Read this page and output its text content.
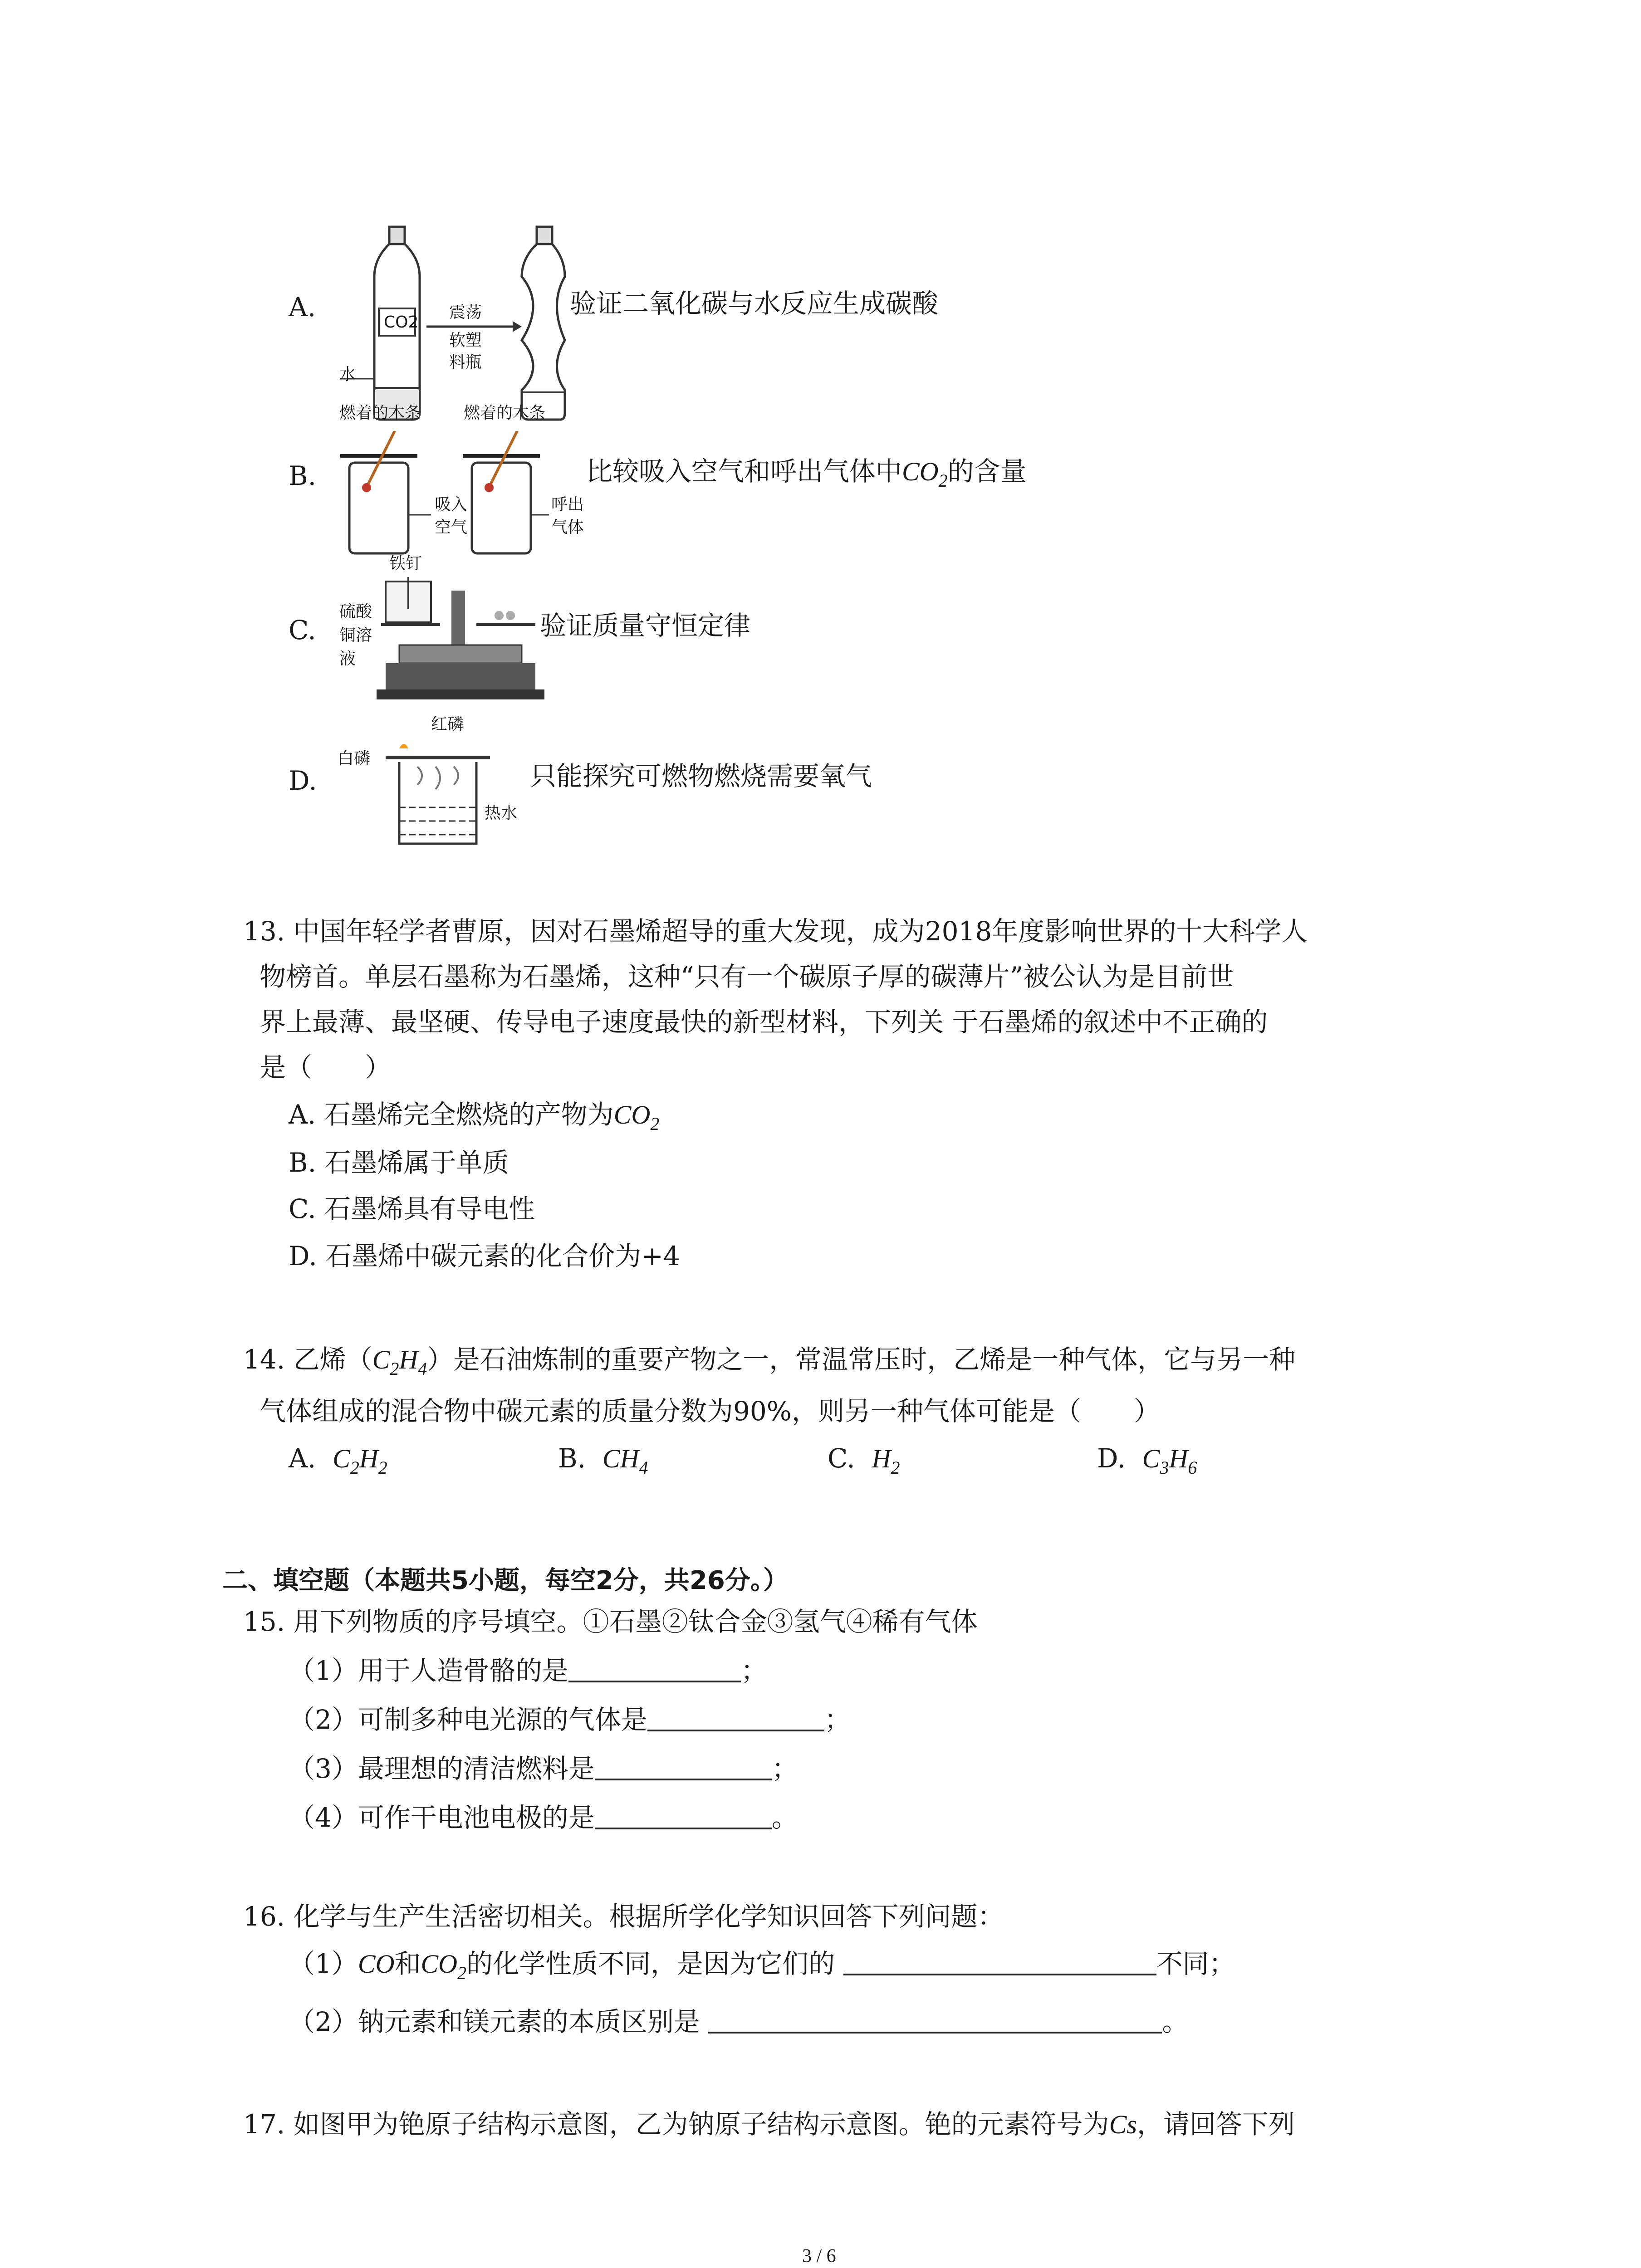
A.	CO2
震荡
软塑
料瓶
水
验证二氧化碳与水反应生成碳酸
B.
燃着的木条	燃着的木条
吸入
空气
呼出
气体
比较吸入空气和呼出气体中$CO_2$的含量
C.
铁钉
硫酸
铜溶
液
验证质量守恒定律
D.
红磷
白磷
热水
只能探究可燃物燃烧需要氧气
13. 中国年轻学者曹原，因对石墨烯超导的重大发现，成为2018年度影响世界的十大科学人
物榜首。单层石墨称为石墨烯，这种“只有一个碳原子厚的碳薄片”被公认为是目前世
界上最薄、最坚硬、传导电子速度最快的新型材料，下列关 于石墨烯的叙述中不正确的
是（　　）
A. 石墨烯完全燃烧的产物为$CO_2$
B. 石墨烯属于单质
C. 石墨烯具有导电性
D. 石墨烯中碳元素的化合价为+4
14. 乙烯$(C_2H_4)$是石油炼制的重要产物之一，常温常压时，乙烯是一种气体，它与另一种
气体组成的混合物中碳元素的质量分数为90%，则另一种气体可能是（　　）
A. $C_2H_2$	B. $CH_4$	C. $H_2$	D. $C_3H_6$
二、填空题（本题共5小题，每空2分，共26分。）
15. 用下列物质的序号填空。①石墨②钛合金③氢气④稀有气体
（1）用于人造骨骼的是	；
（2）可制多种电光源的气体是	；
（3）最理想的清洁燃料是	；
（4）可作干电池电极的是	。
16. 化学与生产生活密切相关。根据所学化学知识回答下列问题：
（1）CO和$CO_2$的化学性质不同，是因为它们的	不同；
（2）钠元素和镁元素的本质区别是	。
17. 如图甲为铯原子结构示意图，乙为钠原子结构示意图。铯的元素符号为Cs，请回答下列
3 / 6
